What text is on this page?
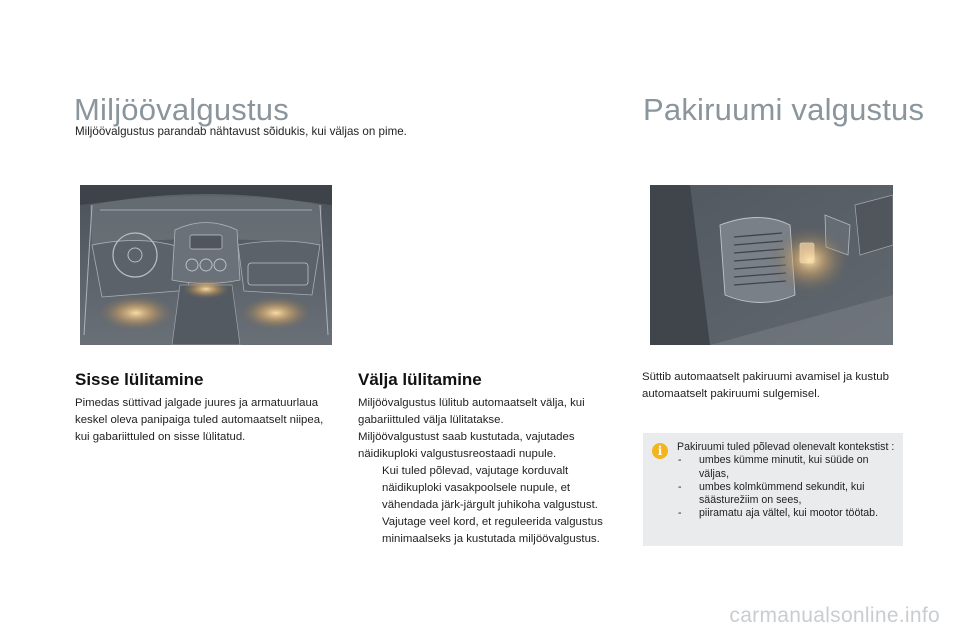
Miljöövalgustus	Pakiruumi valgustus
Miljöövalgustus parandab nähtavust sõidukis, kui väljas on pime.
Sisse lülitamine
Pimedas süttivad jalgade juures ja armatuurlaua keskel oleva panipaiga tuled automaatselt niipea, kui gabariittuled on sisse lülitatud.
Välja lülitamine
Miljöövalgustus lülitub automaatselt välja, kui gabariittuled välja lülitatakse.
Miljöövalgustust saab kustutada, vajutades näidikuploki valgustusreostaadi nupule.
Kui tuled põlevad, vajutage korduvalt näidikuploki vasakpoolsele nupule, et vähendada järk-järgult juhikoha valgustust.
Vajutage veel kord, et reguleerida valgustus minimaalseks ja kustutada miljöövalgustus.
Süttib automaatselt pakiruumi avamisel ja kustub automaatselt pakiruumi sulgemisel.
i	Pakiruumi tuled põlevad olenevalt kontekstist :
-	umbes kümme minutit, kui süüde on väljas,
-	umbes kolmkümmend sekundit, kui säästurežiim on sees,
-	piiramatu aja vältel, kui mootor töötab.
carmanualsonline.info
